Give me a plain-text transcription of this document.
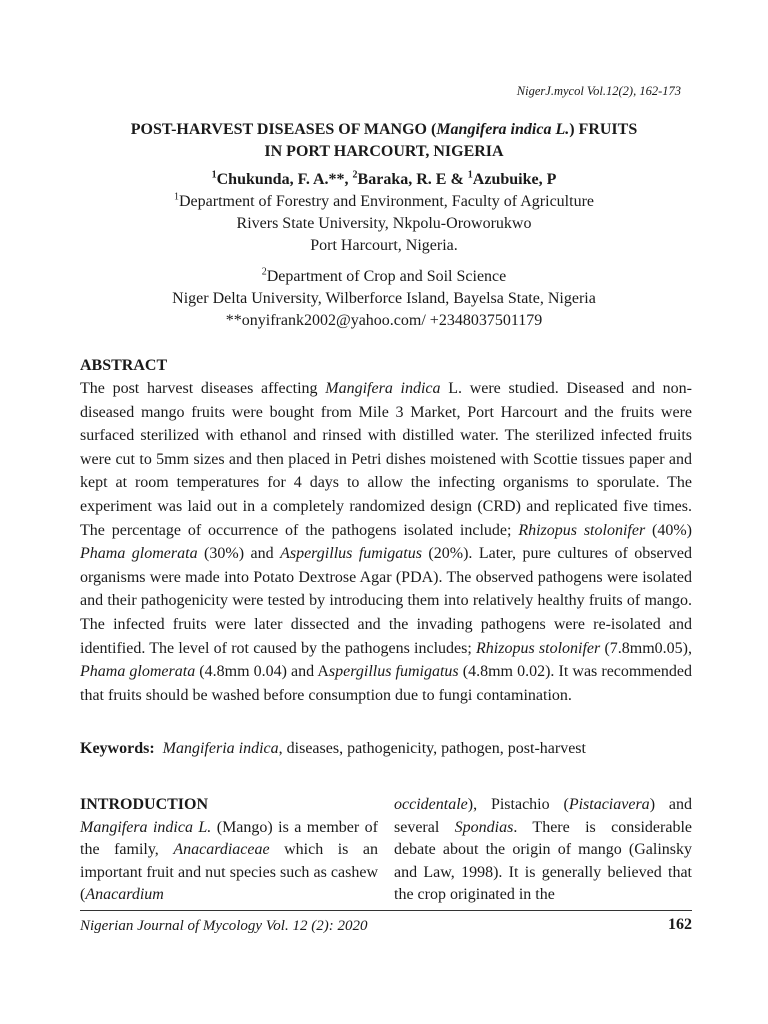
NigerJ.mycol Vol.12(2), 162-173
POST-HARVEST DISEASES OF MANGO (Mangifera indica L.) FRUITS
IN PORT HARCOURT, NIGERIA
$^1$Chukunda, F. A.**, $^2$Baraka, R. E & $^1$Azubuike, P
$^1$Department of Forestry and Environment, Faculty of Agriculture
Rivers State University, Nkpolu-Oroworukwo
Port Harcourt, Nigeria.
$^2$Department of Crop and Soil Science
Niger Delta University, Wilberforce Island, Bayelsa State, Nigeria
**onyifrank2002@yahoo.com/ +2348037501179
ABSTRACT
The post harvest diseases affecting Mangifera indica L. were studied. Diseased and non-diseased mango fruits were bought from Mile 3 Market, Port Harcourt and the fruits were surfaced sterilized with ethanol and rinsed with distilled water. The sterilized infected fruits were cut to 5mm sizes and then placed in Petri dishes moistened with Scottie tissues paper and kept at room temperatures for 4 days to allow the infecting organisms to sporulate. The experiment was laid out in a completely randomized design (CRD) and replicated five times. The percentage of occurrence of the pathogens isolated include; Rhizopus stolonifer (40%) Phama glomerata (30%) and Aspergillus fumigatus (20%). Later, pure cultures of observed organisms were made into Potato Dextrose Agar (PDA). The observed pathogens were isolated and their pathogenicity were tested by introducing them into relatively healthy fruits of mango. The infected fruits were later dissected and the invading pathogens were re-isolated and identified. The level of rot caused by the pathogens includes; Rhizopus stolonifer (7.8mm0.05), Phama glomerata (4.8mm 0.04) and Aspergillus fumigatus (4.8mm 0.02). It was recommended that fruits should be washed before consumption due to fungi contamination.
Keywords: Mangiferia indica, diseases, pathogenicity, pathogen, post-harvest
INTRODUCTION
Mangifera indica L. (Mango) is a member of the family, Anacardiaceae which is an important fruit and nut species such as cashew (Anacardium
occidentale), Pistachio (Pistaciavera) and several Spondias. There is considerable debate about the origin of mango (Galinsky and Law, 1998). It is generally believed that the crop originated in the
Nigerian Journal of Mycology Vol. 12 (2): 2020	162
